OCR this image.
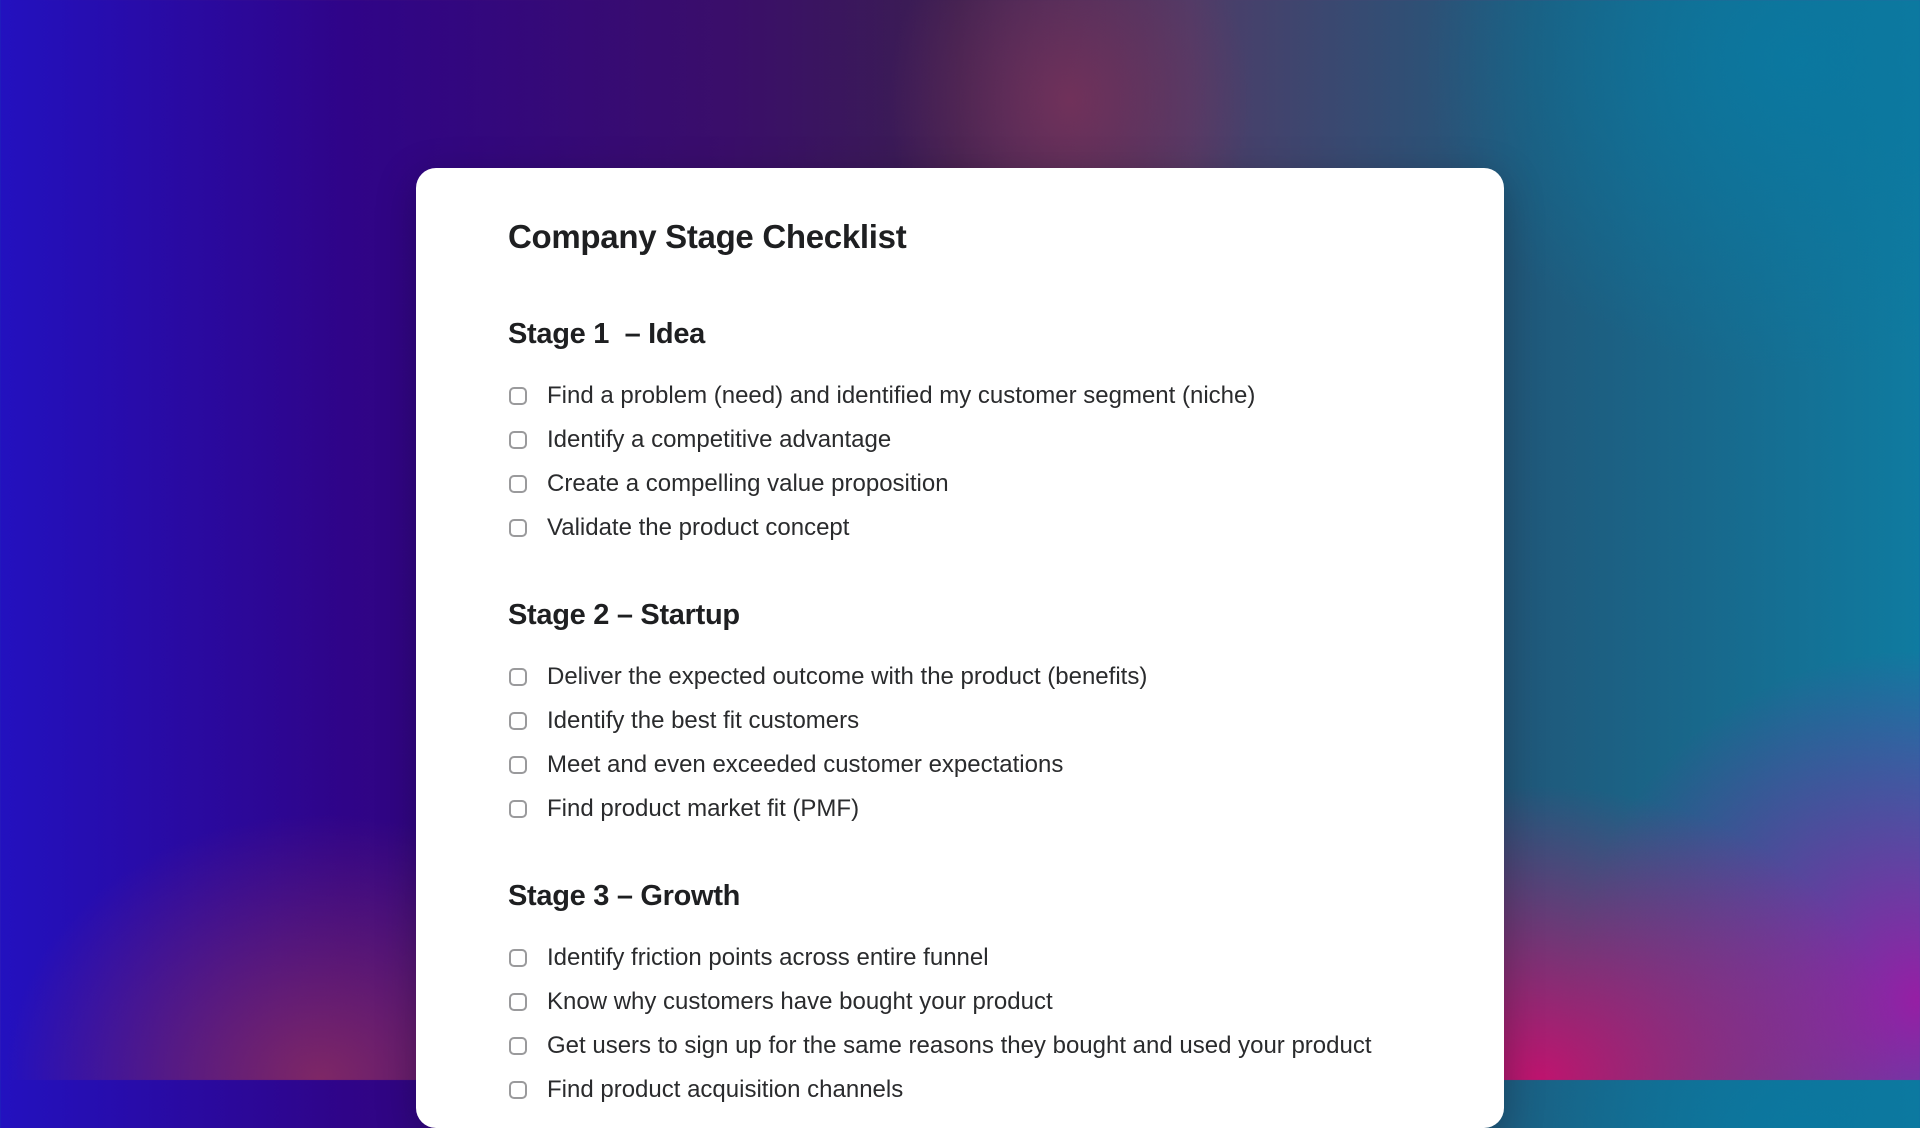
Company Stage Checklist
Stage 1  – Idea
Find a problem (need) and identified my customer segment (niche)
Identify a competitive advantage
Create a compelling value proposition
Validate the product concept
Stage 2 – Startup
Deliver the expected outcome with the product (benefits)
Identify the best fit customers
Meet and even exceeded customer expectations
Find product market fit (PMF)
Stage 3 – Growth
Identify friction points across entire funnel
Know why customers have bought your product
Get users to sign up for the same reasons they bought and used your product
Find product acquisition channels
